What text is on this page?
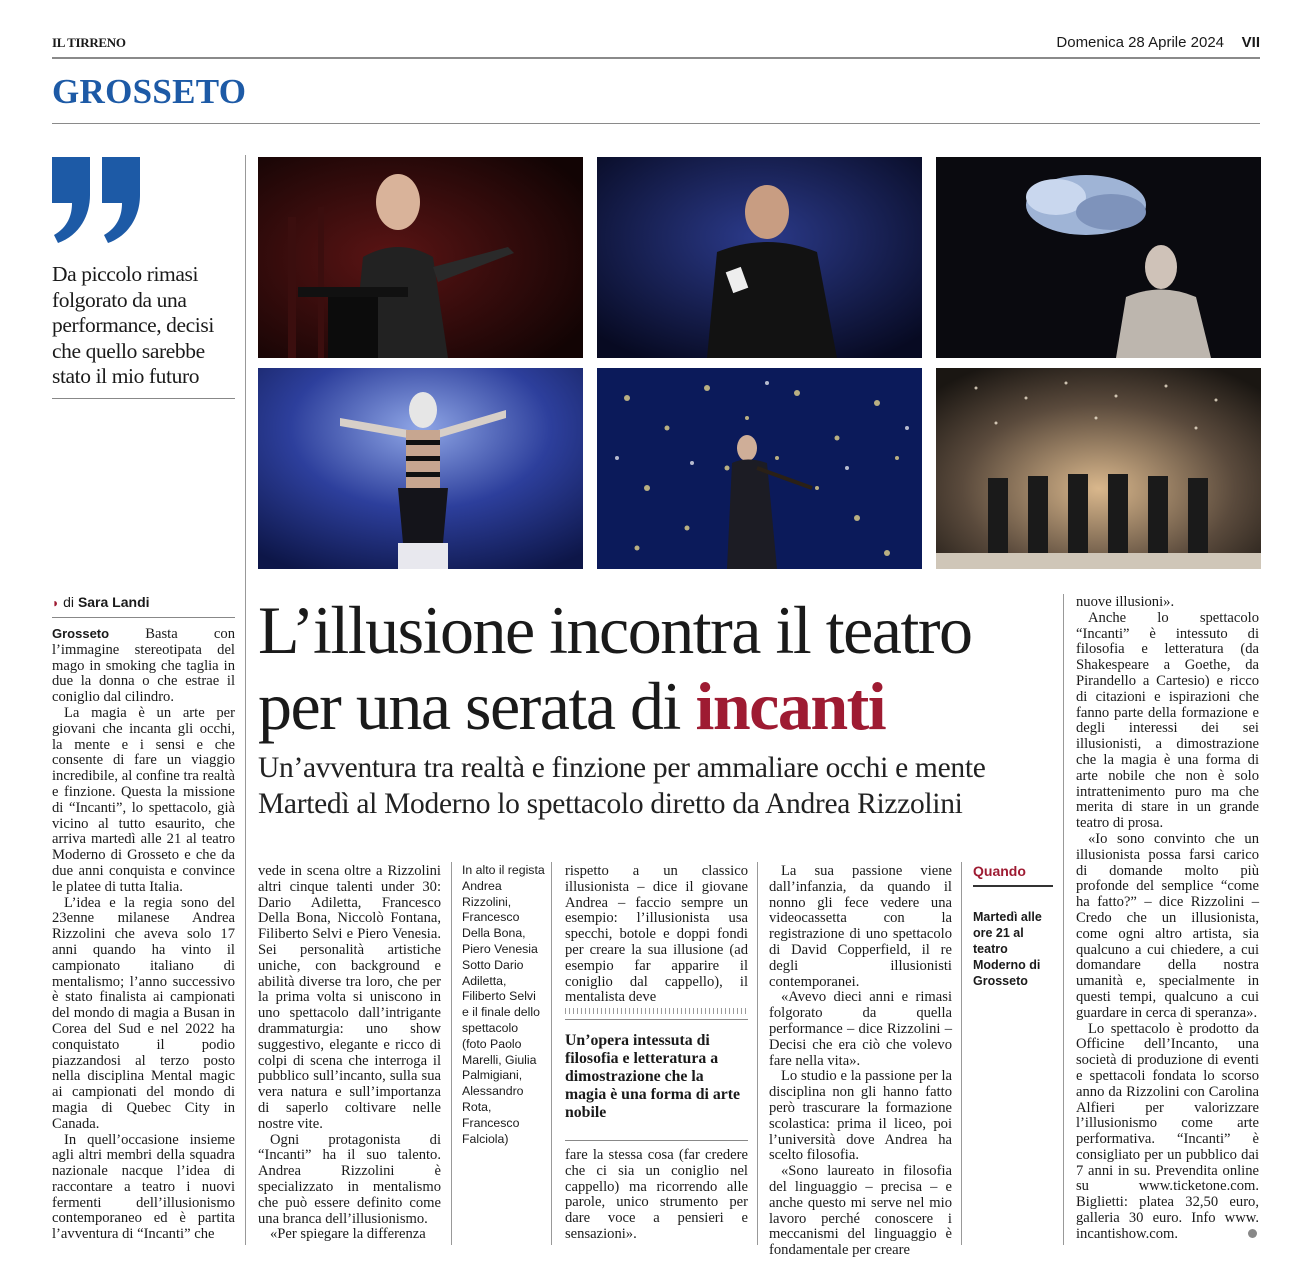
IL TIRRENO	Domenica 28 Aprile 2024 VII
GROSSETO
Da piccolo rimasi folgorato da una performance, decisi che quello sarebbe stato il mio futuro
◗ di Sara Landi L’illusione incontra il teatro
per una serata di incanti
Un’avventura tra realtà e finzione per ammaliare occhi e mente
Martedì al Moderno lo spettacolo diretto da Andrea Rizzolini

Grosseto Basta con l’immagine stereotipata del mago in smoking che taglia in due la donna o che estrae il coniglio dal cilindro.

La magia è un arte per giovani che incanta gli occhi, la mente e i sensi e che consente di fare un viaggio incredibile, al confine tra realtà e finzione. Questa la missione di “Incanti”, lo spettacolo, già vicino al tutto esaurito, che arriva martedì alle 21 al teatro Moderno di Grosseto e che da due anni conquista e convince le platee di tutta Italia.

L’idea e la regia sono del 23enne milanese Andrea Rizzolini che aveva solo 17 anni quando ha vinto il campionato italiano di mentalismo; l’anno successivo è stato finalista ai campionati del mondo di magia a Busan in Corea del Sud e nel 2022 ha conquistato il podio piazzandosi al terzo posto nella disciplina Mental magic ai campionati del mondo di magia di Quebec City in Canada.

In quell’occasione insieme agli altri membri della squadra nazionale nacque l’idea di raccontare a teatro i nuovi fermenti dell’illusionismo contemporaneo ed è partita l’avventura di “Incanti” che

vede in scena oltre a Rizzolini altri cinque talenti under 30: Dario Adiletta, Francesco Della Bona, Niccolò Fontana, Filiberto Selvi e Piero Venesia. Sei personalità artistiche uniche, con background e abilità diverse tra loro, che per la prima volta si uniscono in uno spettacolo dall’intrigante drammaturgia: uno show suggestivo, elegante e ricco di colpi di scena che interroga il pubblico sull’incanto, sulla sua vera natura e sull’importanza di saperlo coltivare nelle nostre vite.

Ogni protagonista di “Incanti” ha il suo talento. Andrea Rizzolini è specializzato in mentalismo che può essere definito come una branca dell’illusionismo.

«Per spiegare la differenza

In alto il regista Andrea Rizzolini, Francesco Della Bona, Piero Venesia Sotto Dario Adiletta, Filiberto Selvi e il finale dello spettacolo (foto Paolo Marelli, Giulia Palmigiani, Alessandro Rota, Francesco Falciola)

rispetto a un classico illusionista – dice il giovane Andrea – faccio sempre un esempio: l’illusionista usa specchi, botole e doppi fondi per creare la sua illusione (ad esempio far apparire il coniglio dal cappello), il mentalista deve

Un’opera intessuta di filosofia e letteratura a dimostrazione che la magia è una forma di arte nobile

fare la stessa cosa (far credere che ci sia un coniglio nel cappello) ma ricorrendo alle parole, unico strumento per dare voce a pensieri e sensazioni».

La sua passione viene dall’infanzia, da quando il nonno gli fece vedere una videocassetta con la registrazione di uno spettacolo di David Copperfield, il re degli illusionisti contemporanei.

«Avevo dieci anni e rimasi folgorato da quella performance – dice Rizzolini – Decisi che era ciò che volevo fare nella vita».

Lo studio e la passione per la disciplina non gli hanno fatto però trascurare la formazione scolastica: prima il liceo, poi l’università dove Andrea ha scelto filosofia.

«Sono laureato in filosofia del linguaggio – precisa – e anche questo mi serve nel mio lavoro perché conoscere i meccanismi del linguaggio è fondamentale per creare

Quando
Martedì alle ore 21 al teatro Moderno di Grosseto

nuove illusioni».

Anche lo spettacolo “Incanti” è intessuto di filosofia e letteratura (da Shakespeare a Goethe, da Pirandello a Cartesio) e ricco di citazioni e ispirazioni che fanno parte della formazione e degli interessi dei sei illusionisti, a dimostrazione che la magia è una forma di arte nobile che non è solo intrattenimento puro ma che merita di stare in un grande teatro di prosa.

«Io sono convinto che un illusionista possa farsi carico di domande molto più profonde del semplice “come ha fatto?” – dice Rizzolini – Credo che un illusionista, come ogni altro artista, sia qualcuno a cui chiedere, a cui domandare della nostra umanità e, specialmente in questi tempi, qualcuno a cui guardare in cerca di speranza».

Lo spettacolo è prodotto da Officine dell’Incanto, una società di produzione di eventi e spettacoli fondata lo scorso anno da Rizzolini con Carolina Alfieri per valorizzare l’illusionismo come arte performativa. “Incanti” è consigliato per un pubblico dai 7 anni in su. Prevendita online su www.ticketone.com. Biglietti: platea 32,50 euro, galleria 30 euro. Info www. incantishow.com.
